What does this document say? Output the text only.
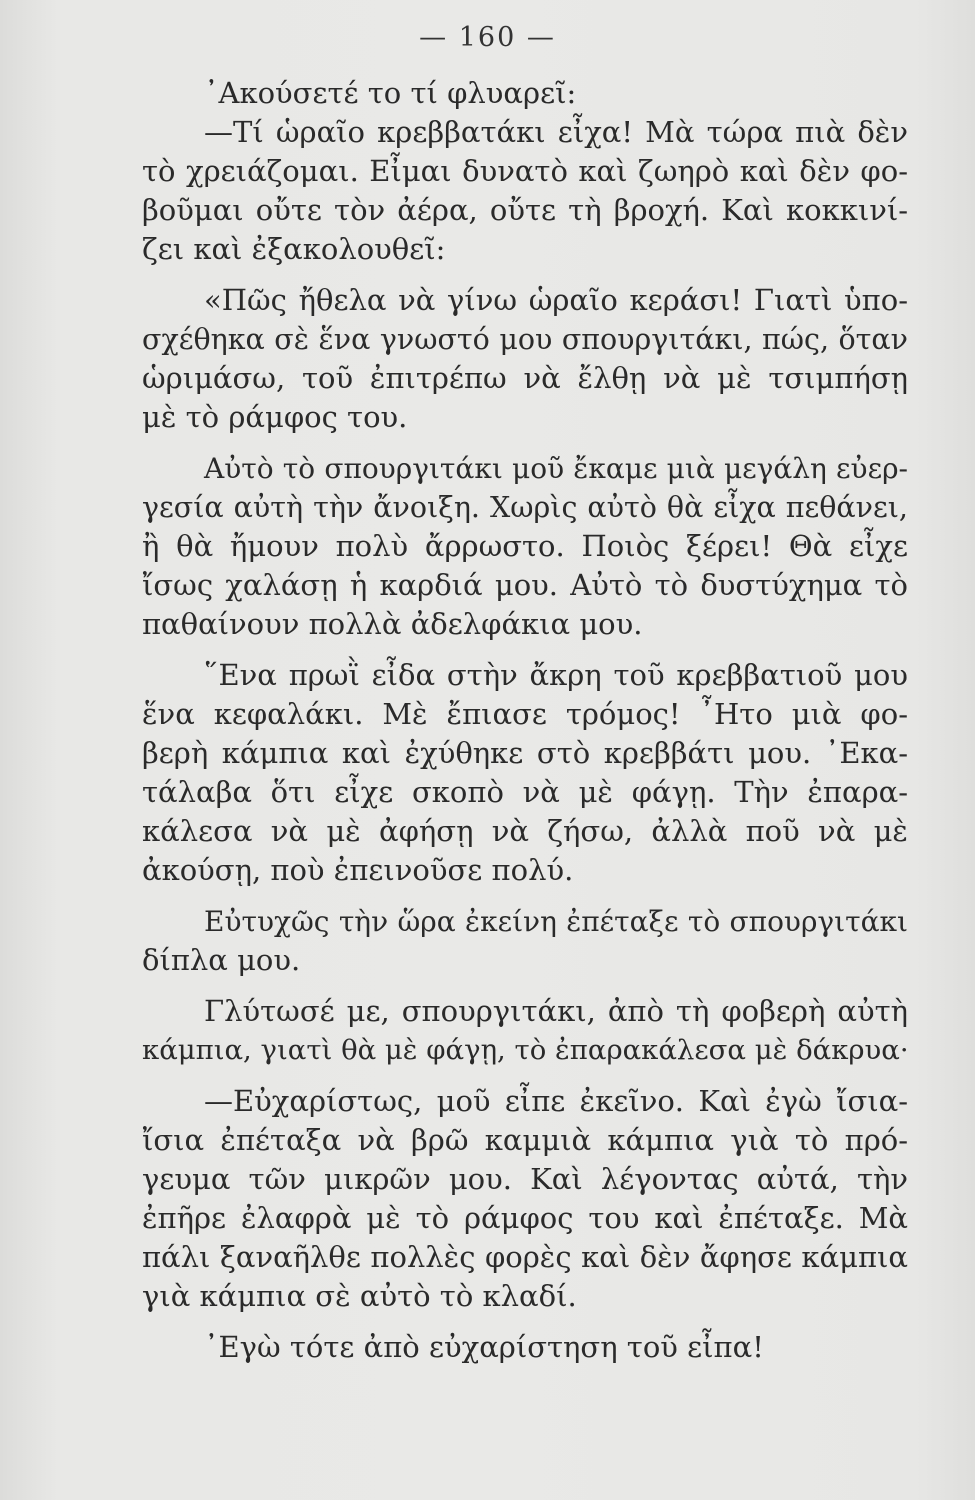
— 160 —
᾿Ακούσετέ το τί φλυαρεῖ:
—Τί ὡραῖο κρεββατάκι εἶχα! Μὰ τώρα πιὰ δὲν
τὸ χρειάζομαι. Εἶμαι δυνατὸ καὶ ζωηρὸ καὶ δὲν φο-
βοῦμαι οὔτε τὸν ἀέρα, οὔτε τὴ βροχή. Καὶ κοκκινί-
ζει καὶ ἐξακολουθεῖ:
«Πῶς ἤθελα νὰ γίνω ὡραῖο κεράσι! Γιατὶ ὑπο-
σχέθηκα σὲ ἕνα γνωστό μου σπουργιτάκι, πώς, ὅταν
ὡριμάσω, τοῦ ἐπιτρέπω νὰ ἔλθῃ νὰ μὲ τσιμπήσῃ
μὲ τὸ ράμφος του.
Αὐτὸ τὸ σπουργιτάκι μοῦ ἔκαμε μιὰ μεγάλη εὐερ-
γεσία αὐτὴ τὴν ἄνοιξη. Χωρὶς αὐτὸ θὰ εἶχα πεθάνει,
ἢ θὰ ἤμουν πολὺ ἄρρωστο. Ποιὸς ξέρει! Θὰ εἶχε
ἴσως χαλάσῃ ἡ καρδιά μου. Αὐτὸ τὸ δυστύχημα τὸ
παθαίνουν πολλὰ ἀδελφάκια μου.
῞Ενα πρωῒ εἶδα στὴν ἄκρη τοῦ κρεββατιοῦ μου
ἕνα κεφαλάκι. Μὲ ἔπιασε τρόμος! ῏Ητο μιὰ φο-
βερὴ κάμπια καὶ ἐχύθηκε στὸ κρεββάτι μου. ᾿Εκα-
τάλαβα ὅτι εἶχε σκοπὸ νὰ μὲ φάγῃ. Τὴν ἐπαρα-
κάλεσα νὰ μὲ ἀφήσῃ νὰ ζήσω, ἀλλὰ ποῦ νὰ μὲ
ἀκούσῃ, ποὺ ἐπεινοῦσε πολύ.
Εὐτυχῶς τὴν ὥρα ἐκείνη ἐπέταξε τὸ σπουργιτάκι
δίπλα μου.
Γλύτωσέ με, σπουργιτάκι, ἀπὸ τὴ φοβερὴ αὐτὴ
κάμπια, γιατὶ θὰ μὲ φάγῃ, τὸ ἐπαρακάλεσα μὲ δάκρυα·
—Εὐχαρίστως, μοῦ εἶπε ἐκεῖνο. Καὶ ἐγὼ ἴσια-
ἴσια ἐπέταξα νὰ βρῶ καμμιὰ κάμπια γιὰ τὸ πρό-
γευμα τῶν μικρῶν μου. Καὶ λέγοντας αὐτά, τὴν
ἐπῆρε ἐλαφρὰ μὲ τὸ ράμφος του καὶ ἐπέταξε. Μὰ
πάλι ξαναῆλθε πολλὲς φορὲς καὶ δὲν ἄφησε κάμπια
γιὰ κάμπια σὲ αὐτὸ τὸ κλαδί.
᾿Εγὼ τότε ἀπὸ εὐχαρίστηση τοῦ εἶπα!
